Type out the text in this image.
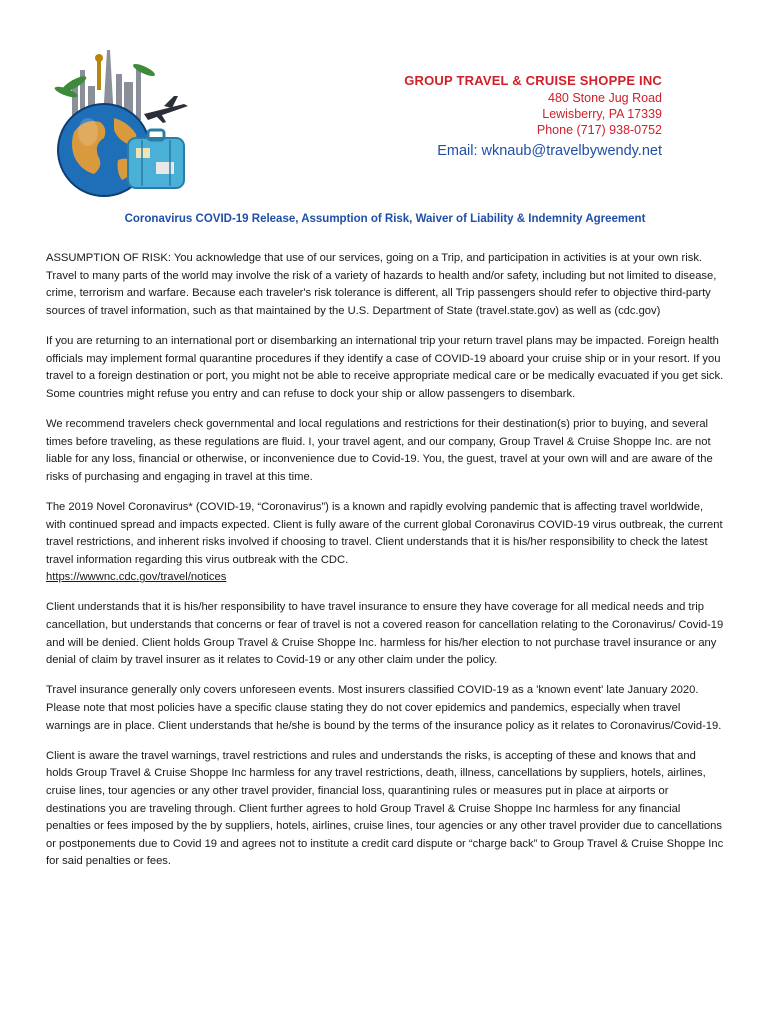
GROUP TRAVEL & CRUISE SHOPPE INC
480 Stone Jug Road
Lewisberry, PA 17339
Phone (717) 938-0752
Email: wknaub@travelbywendy.net
Coronavirus COVID-19 Release, Assumption of Risk, Waiver of Liability & Indemnity Agreement

ASSUMPTION OF RISK: You acknowledge that use of our services, going on a Trip, and participation in activities is at your own risk. Travel to many parts of the world may involve the risk of a variety of hazards to health and/or safety, including but not limited to disease, crime, terrorism and warfare. Because each traveler's risk tolerance is different, all Trip passengers should refer to objective third-party sources of travel information, such as that maintained by the U.S. Department of State (travel.state.gov) as well as (cdc.gov)

If you are returning to an international port or disembarking an international trip your return travel plans may be impacted. Foreign health officials may implement formal quarantine procedures if they identify a case of COVID-19 aboard your cruise ship or in your resort. If you travel to a foreign destination or port, you might not be able to receive appropriate medical care or be medically evacuated if you get sick. Some countries might refuse you entry and can refuse to dock your ship or allow passengers to disembark.

We recommend travelers check governmental and local regulations and restrictions for their destination(s) prior to buying, and several times before traveling, as these regulations are fluid. I, your travel agent, and our company, Group Travel & Cruise Shoppe Inc. are not liable for any loss, financial or otherwise, or inconvenience due to Covid-19. You, the guest, travel at your own will and are aware of the risks of purchasing and engaging in travel at this time.

The 2019 Novel Coronavirus* (COVID-19, “Coronavirus”) is a known and rapidly evolving pandemic that is affecting travel worldwide, with continued spread and impacts expected. Client is fully aware of the current global Coronavirus COVID-19 virus outbreak, the current travel restrictions, and inherent risks involved if choosing to travel. Client understands that it is his/her responsibility to check the latest travel information regarding this virus outbreak with the CDC.
https://wwwnc.cdc.gov/travel/notices

Client understands that it is his/her responsibility to have travel insurance to ensure they have coverage for all medical needs and trip cancellation, but understands that concerns or fear of travel is not a covered reason for cancellation relating to the Coronavirus/ Covid-19 and will be denied. Client holds Group Travel & Cruise Shoppe Inc. harmless for his/her election to not purchase travel insurance or any denial of claim by travel insurer as it relates to Covid-19 or any other claim under the policy.

Travel insurance generally only covers unforeseen events. Most insurers classified COVID-19 as a 'known event' late January 2020. Please note that most policies have a specific clause stating they do not cover epidemics and pandemics, especially when travel warnings are in place. Client understands that he/she is bound by the terms of the insurance policy as it relates to Coronavirus/Covid-19.

Client is aware the travel warnings, travel restrictions and rules and understands the risks, is accepting of these and knows that and holds Group Travel & Cruise Shoppe Inc harmless for any travel restrictions, death, illness, cancellations by suppliers, hotels, airlines, cruise lines, tour agencies or any other travel provider, financial loss, quarantining rules or measures put in place at airports or destinations you are traveling through. Client further agrees to hold Group Travel & Cruise Shoppe Inc harmless for any financial penalties or fees imposed by the by suppliers, hotels, airlines, cruise lines, tour agencies or any other travel provider due to cancellations or postponements due to Covid 19 and agrees not to institute a credit card dispute or “charge back” to Group Travel & Cruise Shoppe Inc for said penalties or fees.
